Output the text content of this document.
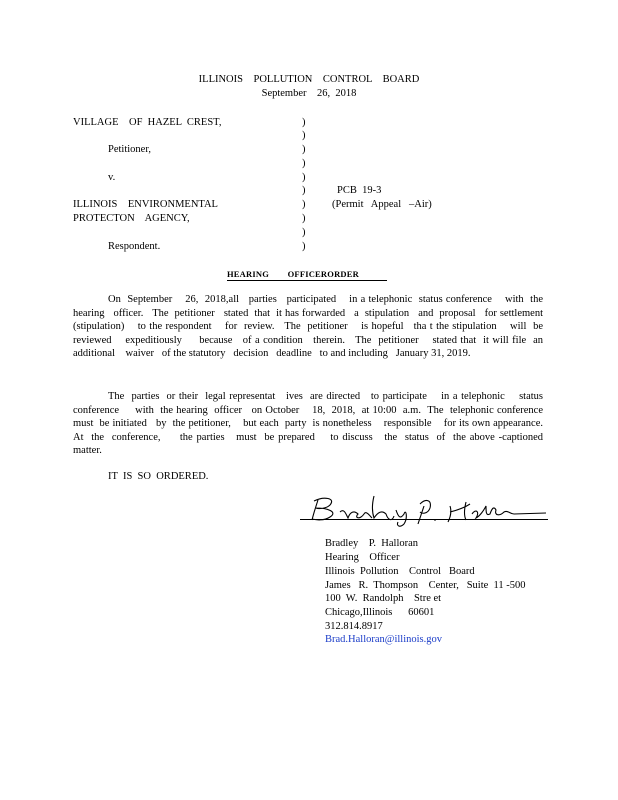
ILLINOIS    POLLUTION    CONTROL    BOARD
September    26,  2018
VILLAGE    OF  HAZEL  CREST,
Petitioner,
v.
ILLINOIS    ENVIRONMENTAL
PROTECTON    AGENCY,
Respondent.
)
)
)
)
)
)
)
)
)
)
PCB  19-3
(Permit   Appeal   –Air)
HEARING        OFFICERORDER
On  September    26,  2018,all   parties   participated    in a telephonic  status conference    with  the hearing   officer.   The  petitioner   stated  that  it has forwarded   a  stipulation   and  proposal   for settlement    (stipulation)    to the respondent    for  review.   The  petitioner    is hopeful   tha t the stipulation    will  be reviewed    expeditiously     because   of a condition   therein.   The  petitioner    stated that  it will file  an additional    waiver   of the statutory   decision   deadline   to and including   January 31, 2019.
The  parties  or their  legal representat   ives  are directed   to participate    in a telephonic    status conference     with  the hearing  officer   on October    18,  2018,  at 10:00  a.m.  The  telephonic conference     must  be initiated   by  the petitioner,    but each  party  is nonetheless    responsible    for its own appearance.    At  the  conference,     the parties   must  be prepared    to discuss   the  status  of  the above -captioned     matter.
IT  IS  SO  ORDERED.
Bradley    P.  Halloran
Hearing    Officer
Illinois  Pollution    Control   Board
James   R.  Thompson    Center,   Suite  11 -500
100  W.  Randolph    Stre et
Chicago,Illinois      60601
312.814.8917
Brad.Halloran@illinois.gov
